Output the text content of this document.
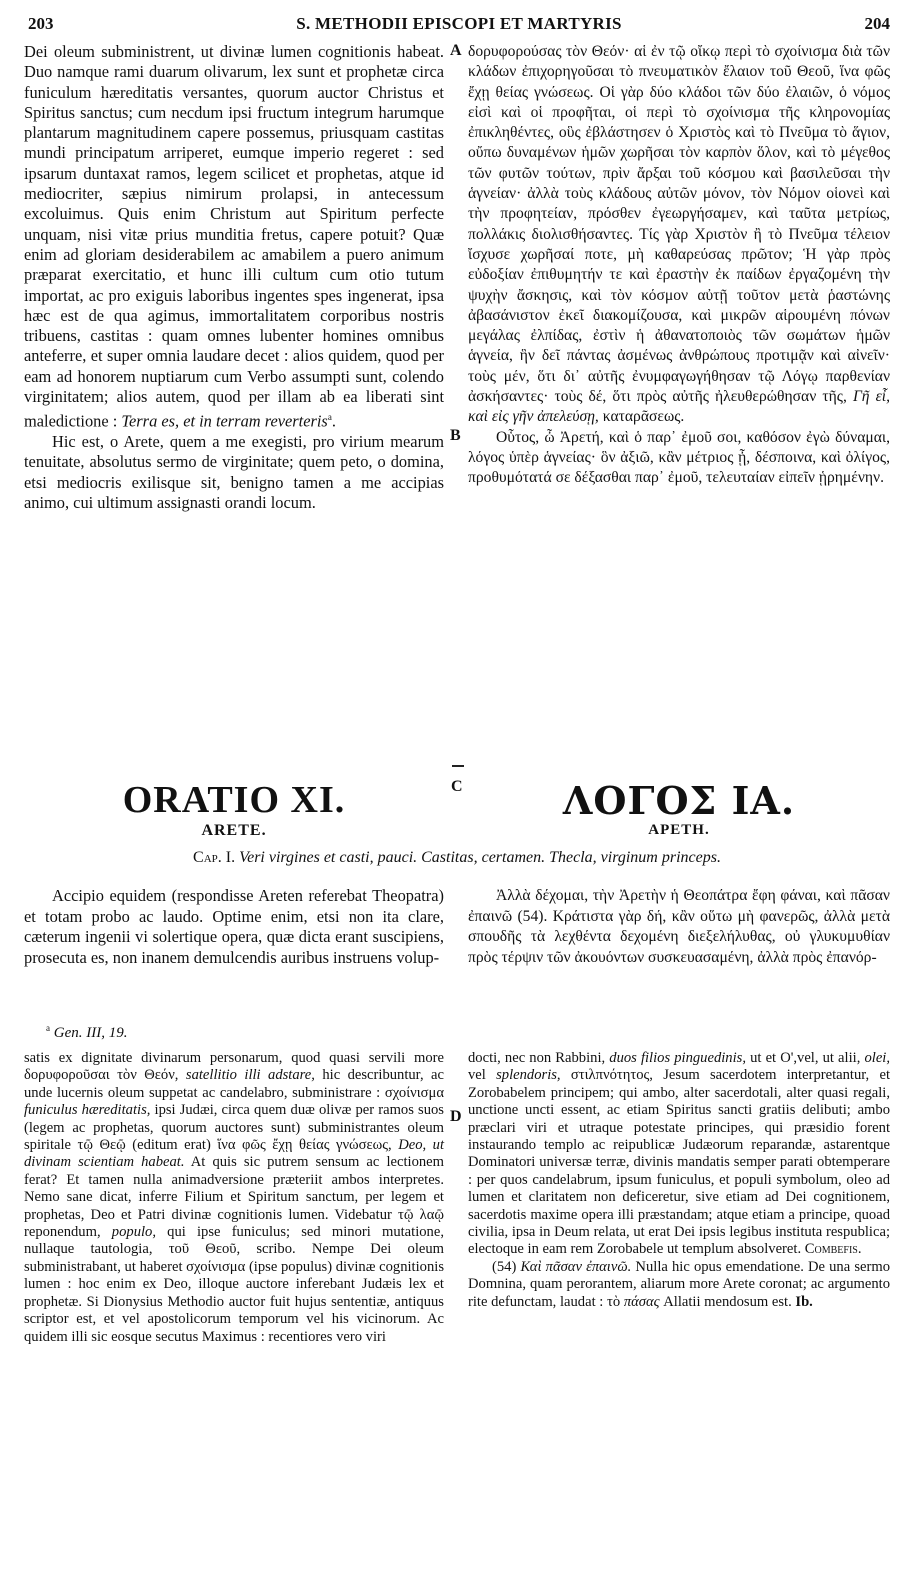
203	S. METHODII EPISCOPI ET MARTYRIS	204
A
B
C
D

Dei oleum subministrent, ut divinæ lumen cognitionis habeat. Duo namque rami duarum olivarum, lex sunt et prophetæ circa funiculum hæreditatis versantes, quorum auctor Christus et Spiritus sanctus; cum necdum ipsi fructum integrum harumque plantarum magnitudinem capere possemus, priusquam castitas mundi principatum arriperet, eumque imperio regeret : sed ipsarum duntaxat ramos, legem scilicet et prophetas, atque id mediocriter, sæpius nimirum prolapsi, in antecessum excoluimus. Quis enim Christum aut Spiritum perfecte unquam, nisi vitæ prius munditia fretus, capere potuit? Quæ enim ad gloriam desiderabilem ac amabilem a puero animum præparat exercitatio, et hunc illi cultum cum otio tutum importat, ac pro exiguis laboribus ingentes spes ingenerat, ipsa hæc est de qua agimus, immortalitatem corporibus nostris tribuens, castitas : quam omnes lubenter homines omnibus anteferre, et super omnia laudare decet : alios quidem, quod per eam ad honorem nuptiarum cum Verbo assumpti sunt, colendo virginitatem; alios autem, quod per illam ab ea liberati sint maledictione : Terra es, et in terram reverteris$^a$.

Hic est, o Arete, quem a me exegisti, pro virium mearum tenuitate, absolutus sermo de virginitate; quem peto, o domina, etsi mediocris exilisque sit, benigno tamen a me accipias animo, cui ultimum assignasti orandi locum.

δορυφορούσας τὸν Θεόν· αἱ ἐν τῷ οἴκῳ περὶ τὸ σχοίνισμα διὰ τῶν κλάδων ἐπιχορηγοῦσαι τὸ πνευματικὸν ἔλαιον τοῦ Θεοῦ, ἵνα φῶς ἔχῃ θείας γνώσεως. Οἱ γὰρ δύο κλάδοι τῶν δύο ἐλαιῶν, ὁ νόμος εἰσὶ καὶ οἱ προφῆται, οἱ περὶ τὸ σχοίνισμα τῆς κληρονομίας ἐπικληθέντες, οὓς ἐβλάστησεν ὁ Χριστὸς καὶ τὸ Πνεῦμα τὸ ἅγιον, οὔπω δυναμένων ἡμῶν χωρῆσαι τὸν καρπὸν ὅλον, καὶ τὸ μέγεθος τῶν φυτῶν τούτων, πρὶν ἄρξαι τοῦ κόσμου καὶ βασιλεῦσαι τὴν ἁγνείαν· ἀλλὰ τοὺς κλάδους αὐτῶν μόνον, τὸν Νόμον οἱονεὶ καὶ τὴν προφητείαν, πρόσθεν ἐγεωργήσαμεν, καὶ ταῦτα μετρίως, πολλάκις διολισθήσαντες. Τίς γὰρ Χριστὸν ἢ τὸ Πνεῦμα τέλειον ἴσχυσε χωρῆσαί ποτε, μὴ καθαρεύσας πρῶτον; Ἡ γὰρ πρὸς εὐδοξίαν ἐπιθυμητήν τε καὶ ἐραστὴν ἐκ παίδων ἐργαζομένη τὴν ψυχὴν ἄσκησις, καὶ τὸν κόσμον αὐτῇ τοῦτον μετὰ ῥαστώνης ἀβασάνιστον ἐκεῖ διακομίζουσα, καὶ μικρῶν αἱρουμένη πόνων μεγάλας ἐλπίδας, ἐστὶν ἡ ἀθανατοποιὸς τῶν σωμάτων ἡμῶν ἁγνεία, ἣν δεῖ πάντας ἀσμένως ἀνθρώπους προτιμᾷν καὶ αἰνεῖν· τοὺς μέν, ὅτι δι᾽ αὐτῆς ἐνυμφαγωγήθησαν τῷ Λόγῳ παρθενίαν ἀσκήσαντες· τοὺς δέ, ὅτι πρὸς αὐτῆς ἠλευθερώθησαν τῆς, Γῆ εἶ, καὶ εἰς γῆν ἀπελεύσῃ, καταρᾶσεως.

Οὗτος, ὦ Ἀρετή, καὶ ὁ παρ᾽ ἐμοῦ σοι, καθόσον ἐγὼ δύναμαι, λόγος ὑπὲρ ἁγνείας· ὃν ἀξιῶ, κἂν μέτριος ᾖ, δέσποινα, καὶ ὀλίγος, προθυμότατά σε δέξασθαι παρ᾽ ἐμοῦ, τελευταίαν εἰπεῖν ᾑρημένην.

ORATIO XI.	ΛΟΓΟΣ ΙΑ.
ARETE.	ΑΡΕΤΗ.
Cap. I. Veri virgines et casti, pauci. Castitas, certamen. Thecla, virginum princeps.
Accipio equidem (respondisse Areten referebat Theopatra) et totam probo ac laudo. Optime enim, etsi non ita clare, cæterum ingenii vi solertique opera, quæ dicta erant suscipiens, prosecuta es, non inanem demulcendis auribus instruens volup-
Ἀλλὰ δέχομαι, τὴν Ἀρετὴν ἡ Θεοπάτρα ἔφη φάναι, καὶ πᾶσαν ἐπαινῶ (54). Κράτιστα γὰρ δή, κἂν οὕτω μὴ φανερῶς, ἀλλὰ μετὰ σπουδῆς τὰ λεχθέντα δεχομένη διεξελήλυθας, οὐ γλυκυμυθίαν πρὸς τέρψιν τῶν ἀκουόντων συσκευασαμένη, ἀλλὰ πρὸς ἐπανόρ-
$^a$ Gen. III, 19.
satis ex dignitate divinarum personarum, quod quasi servili more δορυφοροῦσαι τὸν Θεόν, satellitio illi adstare, hic describuntur, ac unde lucernis oleum suppetat ac candelabro, subministrare : σχοίνισμα funiculus hæreditatis, ipsi Judæi, circa quem duæ olivæ per ramos suos (legem ac prophetas, quorum auctores sunt) subministrantes oleum spiritale τῷ Θεῷ (editum erat) ἵνα φῶς ἔχῃ θείας γνώσεως, Deo, ut divinam scientiam habeat. At quis sic putrem sensum ac lectionem ferat? Et tamen nulla animadversione præteriit ambos interpretes. Nemo sane dicat, inferre Filium et Spiritum sanctum, per legem et prophetas, Deo et Patri divinæ cognitionis lumen. Videbatur τῷ λαῷ reponendum, populo, qui ipse funiculus; sed minori mutatione, nullaque tautologia, τοῦ Θεοῦ, scribo. Nempe Dei oleum subministrabant, ut haberet σχοίνισμα (ipse populus) divinæ cognitionis lumen : hoc enim ex Deo, illoque auctore inferebant Judæis lex et prophetæ. Si Dionysius Methodio auctor fuit hujus sententiæ, antiquus scriptor est, et vel apostolicorum temporum vel his vicinorum. Ac quidem illi sic eosque secutus Maximus : recentiores vero viri

docti, nec non Rabbini, duos filios pinguedinis, ut et O',vel, ut alii, olei, vel splendoris, στιλπνότητος, Jesum sacerdotem interpretantur, et Zorobabelem principem; qui ambo, alter sacerdotali, alter quasi regali, unctione uncti essent, ac etiam Spiritus sancti gratiis delibuti; ambo præclari viri et utraque potestate principes, qui præsidio forent instaurando templo ac reipublicæ Judæorum reparandæ, astarentque Dominatori universæ terræ, divinis mandatis semper parati obtemperare : per quos candelabrum, ipsum funiculus, et populi symbolum, oleo ad lumen et claritatem non deficeretur, sive etiam ad Dei cognitionem, sacerdotis maxime opera illi præstandam; atque etiam a principe, quoad civilia, ipsa in Deum relata, ut erat Dei ipsis legibus instituta respublica; electoque in eam rem Zorobabele ut templum absolveret. Combefis.

(54) Καὶ πᾶσαν ἐπαινῶ. Nulla hic opus emendatione. De una sermo Domnina, quam perorantem, aliarum more Arete coronat; ac argumento rite defunctam, laudat : τὸ πάσας Allatii mendosum est. Ib.
